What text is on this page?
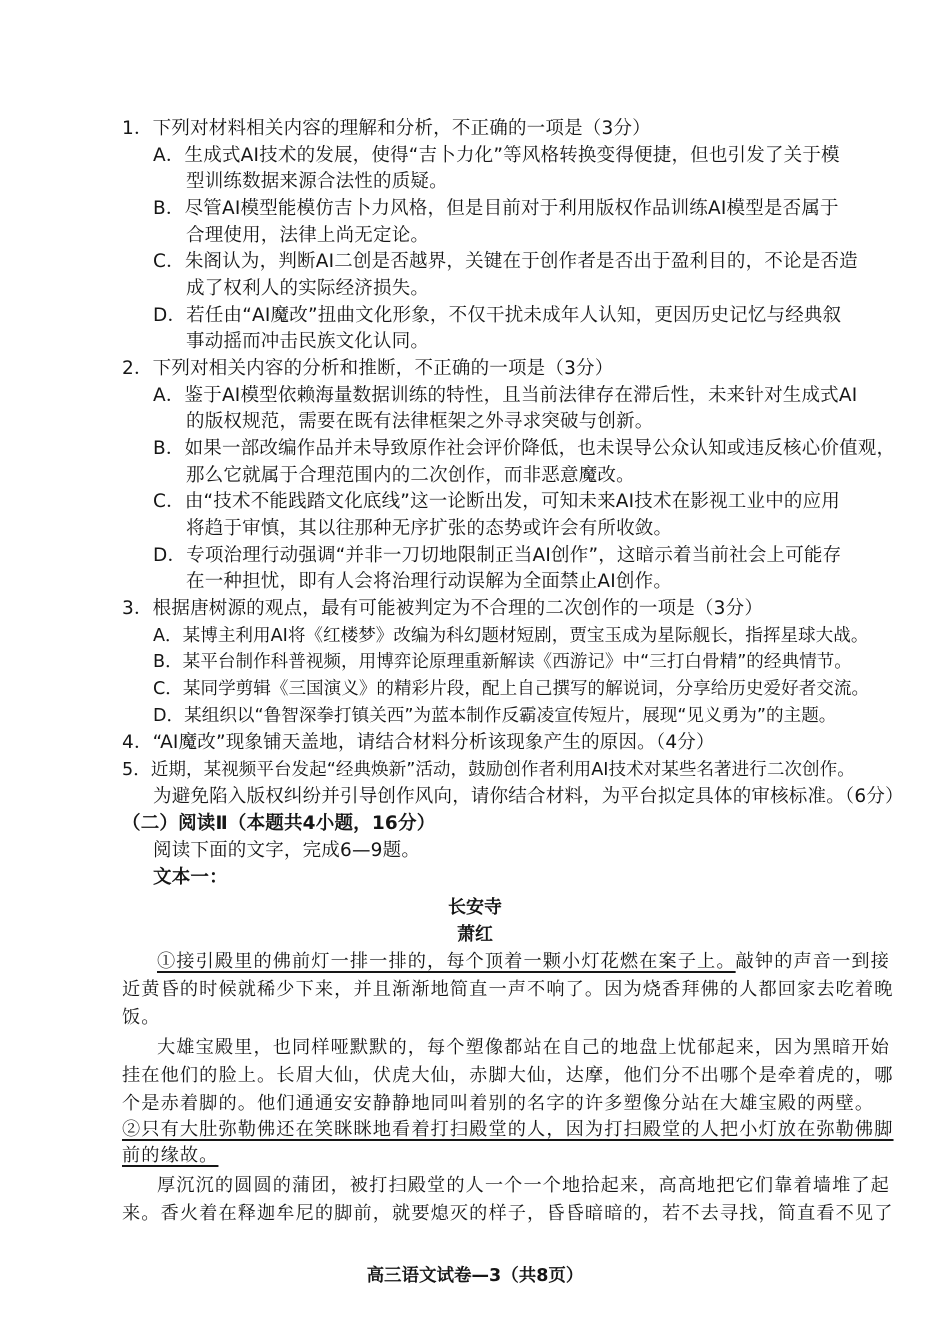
1．下列对材料相关内容的理解和分析，不正确的一项是（3分）
A．生成式AI技术的发展，使得“吉卜力化”等风格转换变得便捷，但也引发了关于模
型训练数据来源合法性的质疑。
B．尽管AI模型能模仿吉卜力风格，但是目前对于利用版权作品训练AI模型是否属于
合理使用，法律上尚无定论。
C．朱阁认为，判断AI二创是否越界，关键在于创作者是否出于盈利目的，不论是否造
成了权利人的实际经济损失。
D．若任由“AI魔改”扭曲文化形象，不仅干扰未成年人认知，更因历史记忆与经典叙
事动摇而冲击民族文化认同。
2．下列对相关内容的分析和推断，不正确的一项是（3分）
A．鉴于AI模型依赖海量数据训练的特性，且当前法律存在滞后性，未来针对生成式AI
的版权规范，需要在既有法律框架之外寻求突破与创新。
B．如果一部改编作品并未导致原作社会评价降低，也未误导公众认知或违反核心价值观，
那么它就属于合理范围内的二次创作，而非恶意魔改。
C．由“技术不能践踏文化底线”这一论断出发，可知未来AI技术在影视工业中的应用
将趋于审慎，其以往那种无序扩张的态势或许会有所收敛。
D．专项治理行动强调“并非一刀切地限制正当AI创作”，这暗示着当前社会上可能存
在一种担忧，即有人会将治理行动误解为全面禁止AI创作。
3．根据唐树源的观点，最有可能被判定为不合理的二次创作的一项是（3分）
A．某博主利用AI将《红楼梦》改编为科幻题材短剧，贾宝玉成为星际舰长，指挥星球大战。
B．某平台制作科普视频，用博弈论原理重新解读《西游记》中“三打白骨精”的经典情节。
C．某同学剪辑《三国演义》的精彩片段，配上自己撰写的解说词，分享给历史爱好者交流。
D．某组织以“鲁智深拳打镇关西”为蓝本制作反霸凌宣传短片，展现“见义勇为”的主题。
4．“AI魔改”现象铺天盖地，请结合材料分析该现象产生的原因。（4分）
5．近期，某视频平台发起“经典焕新”活动，鼓励创作者利用AI技术对某些名著进行二次创作。
为避免陷入版权纠纷并引导创作风向，请你结合材料，为平台拟定具体的审核标准。（6分）
（二）阅读Ⅱ（本题共4小题，16分）
阅读下面的文字，完成6—9题。
文本一：
长安寺
萧红
①接引殿里的佛前灯一排一排的，每个顶着一颗小灯花燃在案子上。敲钟的声音一到接
近黄昏的时候就稀少下来，并且渐渐地简直一声不响了。因为烧香拜佛的人都回家去吃着晚
饭。
大雄宝殿里，也同样哑默默的，每个塑像都站在自己的地盘上忧郁起来，因为黑暗开始
挂在他们的脸上。长眉大仙，伏虎大仙，赤脚大仙，达摩，他们分不出哪个是牵着虎的，哪
个是赤着脚的。他们通通安安静静地同叫着别的名字的许多塑像分站在大雄宝殿的两壁。
②只有大肚弥勒佛还在笑眯眯地看着打扫殿堂的人，因为打扫殿堂的人把小灯放在弥勒佛脚
前的缘故。
厚沉沉的圆圆的蒲团，被打扫殿堂的人一个一个地拾起来，高高地把它们靠着墙堆了起
来。香火着在释迦牟尼的脚前，就要熄灭的样子，昏昏暗暗的，若不去寻找，简直看不见了
高三语文试卷—3（共8页）
